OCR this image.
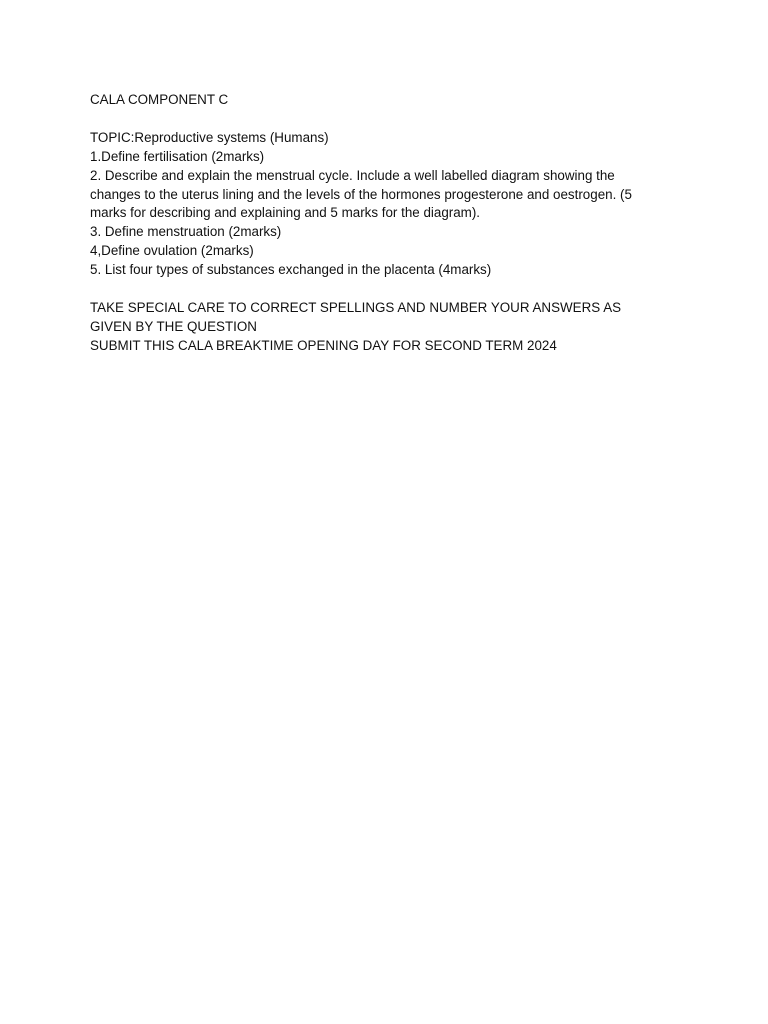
CALA COMPONENT C

TOPIC:Reproductive systems (Humans)

1.Define fertilisation (2marks)

2. Describe and explain the menstrual cycle. Include a well labelled diagram showing the changes to the uterus lining and the levels of the hormones progesterone and oestrogen. (5 marks for describing and explaining and 5 marks for the diagram).

3. Define menstruation (2marks)

4,Define ovulation (2marks)

5. List four types of substances exchanged in the placenta (4marks)

TAKE SPECIAL CARE TO CORRECT SPELLINGS AND NUMBER YOUR ANSWERS AS GIVEN BY THE QUESTION

SUBMIT THIS CALA BREAKTIME OPENING DAY FOR SECOND TERM 2024
